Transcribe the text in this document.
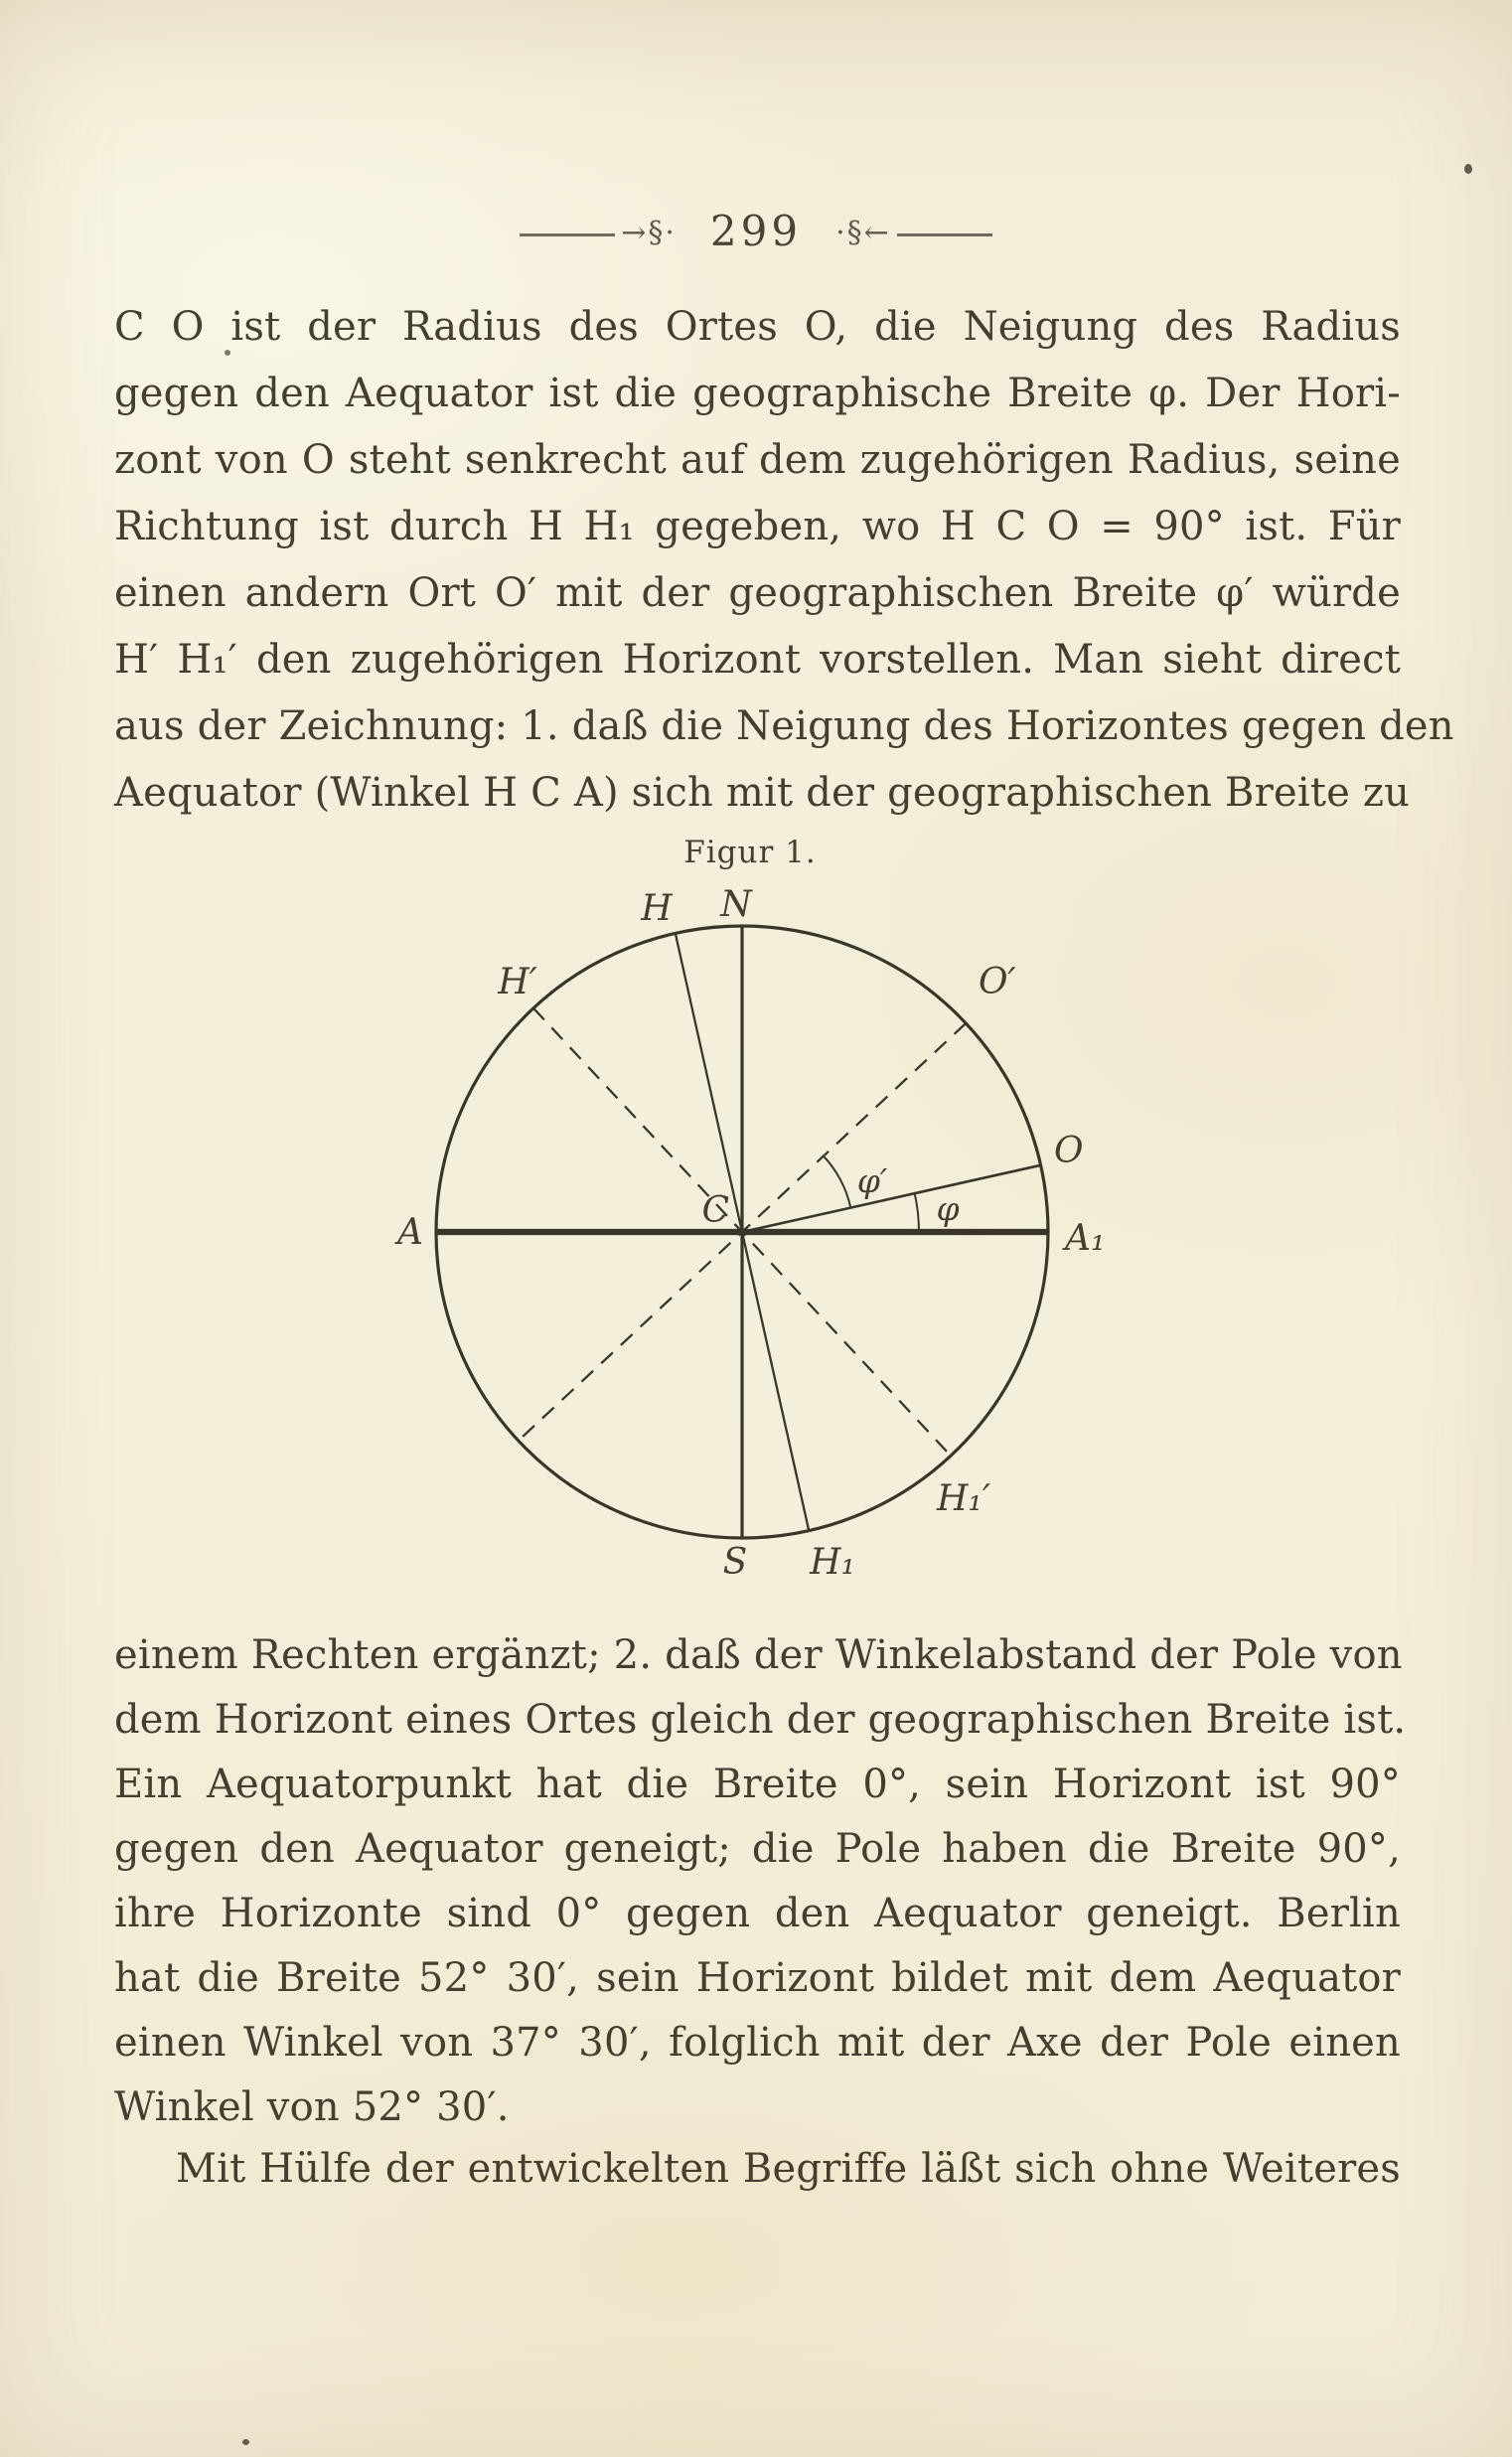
→§· 299	·§←
C O ist der Radius des Ortes O, die Neigung des Radius
gegen den Aequator ist die geographische Breite φ. Der Hori-
zont von O steht senkrecht auf dem zugehörigen Radius, seine
Richtung ist durch H H₁ gegeben, wo H C O = 90° ist. Für
einen andern Ort O′ mit der geographischen Breite φ′ würde
H′ H₁′ den zugehörigen Horizont vorstellen. Man sieht direct
aus der Zeichnung: 1. daß die Neigung des Horizontes gegen den
Aequator (Winkel H C A) sich mit der geographischen Breite zu
Figur 1.
H N
H′	O′
O
A
C
A₁
φ′
φ
H₁′
S H₁
einem Rechten ergänzt; 2. daß der Winkelabstand der Pole von
dem Horizont eines Ortes gleich der geographischen Breite ist.
Ein Aequatorpunkt hat die Breite 0°, sein Horizont ist 90°
gegen den Aequator geneigt; die Pole haben die Breite 90°,
ihre Horizonte sind 0° gegen den Aequator geneigt. Berlin
hat die Breite 52° 30′, sein Horizont bildet mit dem Aequator
einen Winkel von 37° 30′, folglich mit der Axe der Pole einen
Winkel von 52° 30′.
Mit Hülfe der entwickelten Begriffe läßt sich ohne Weiteres
